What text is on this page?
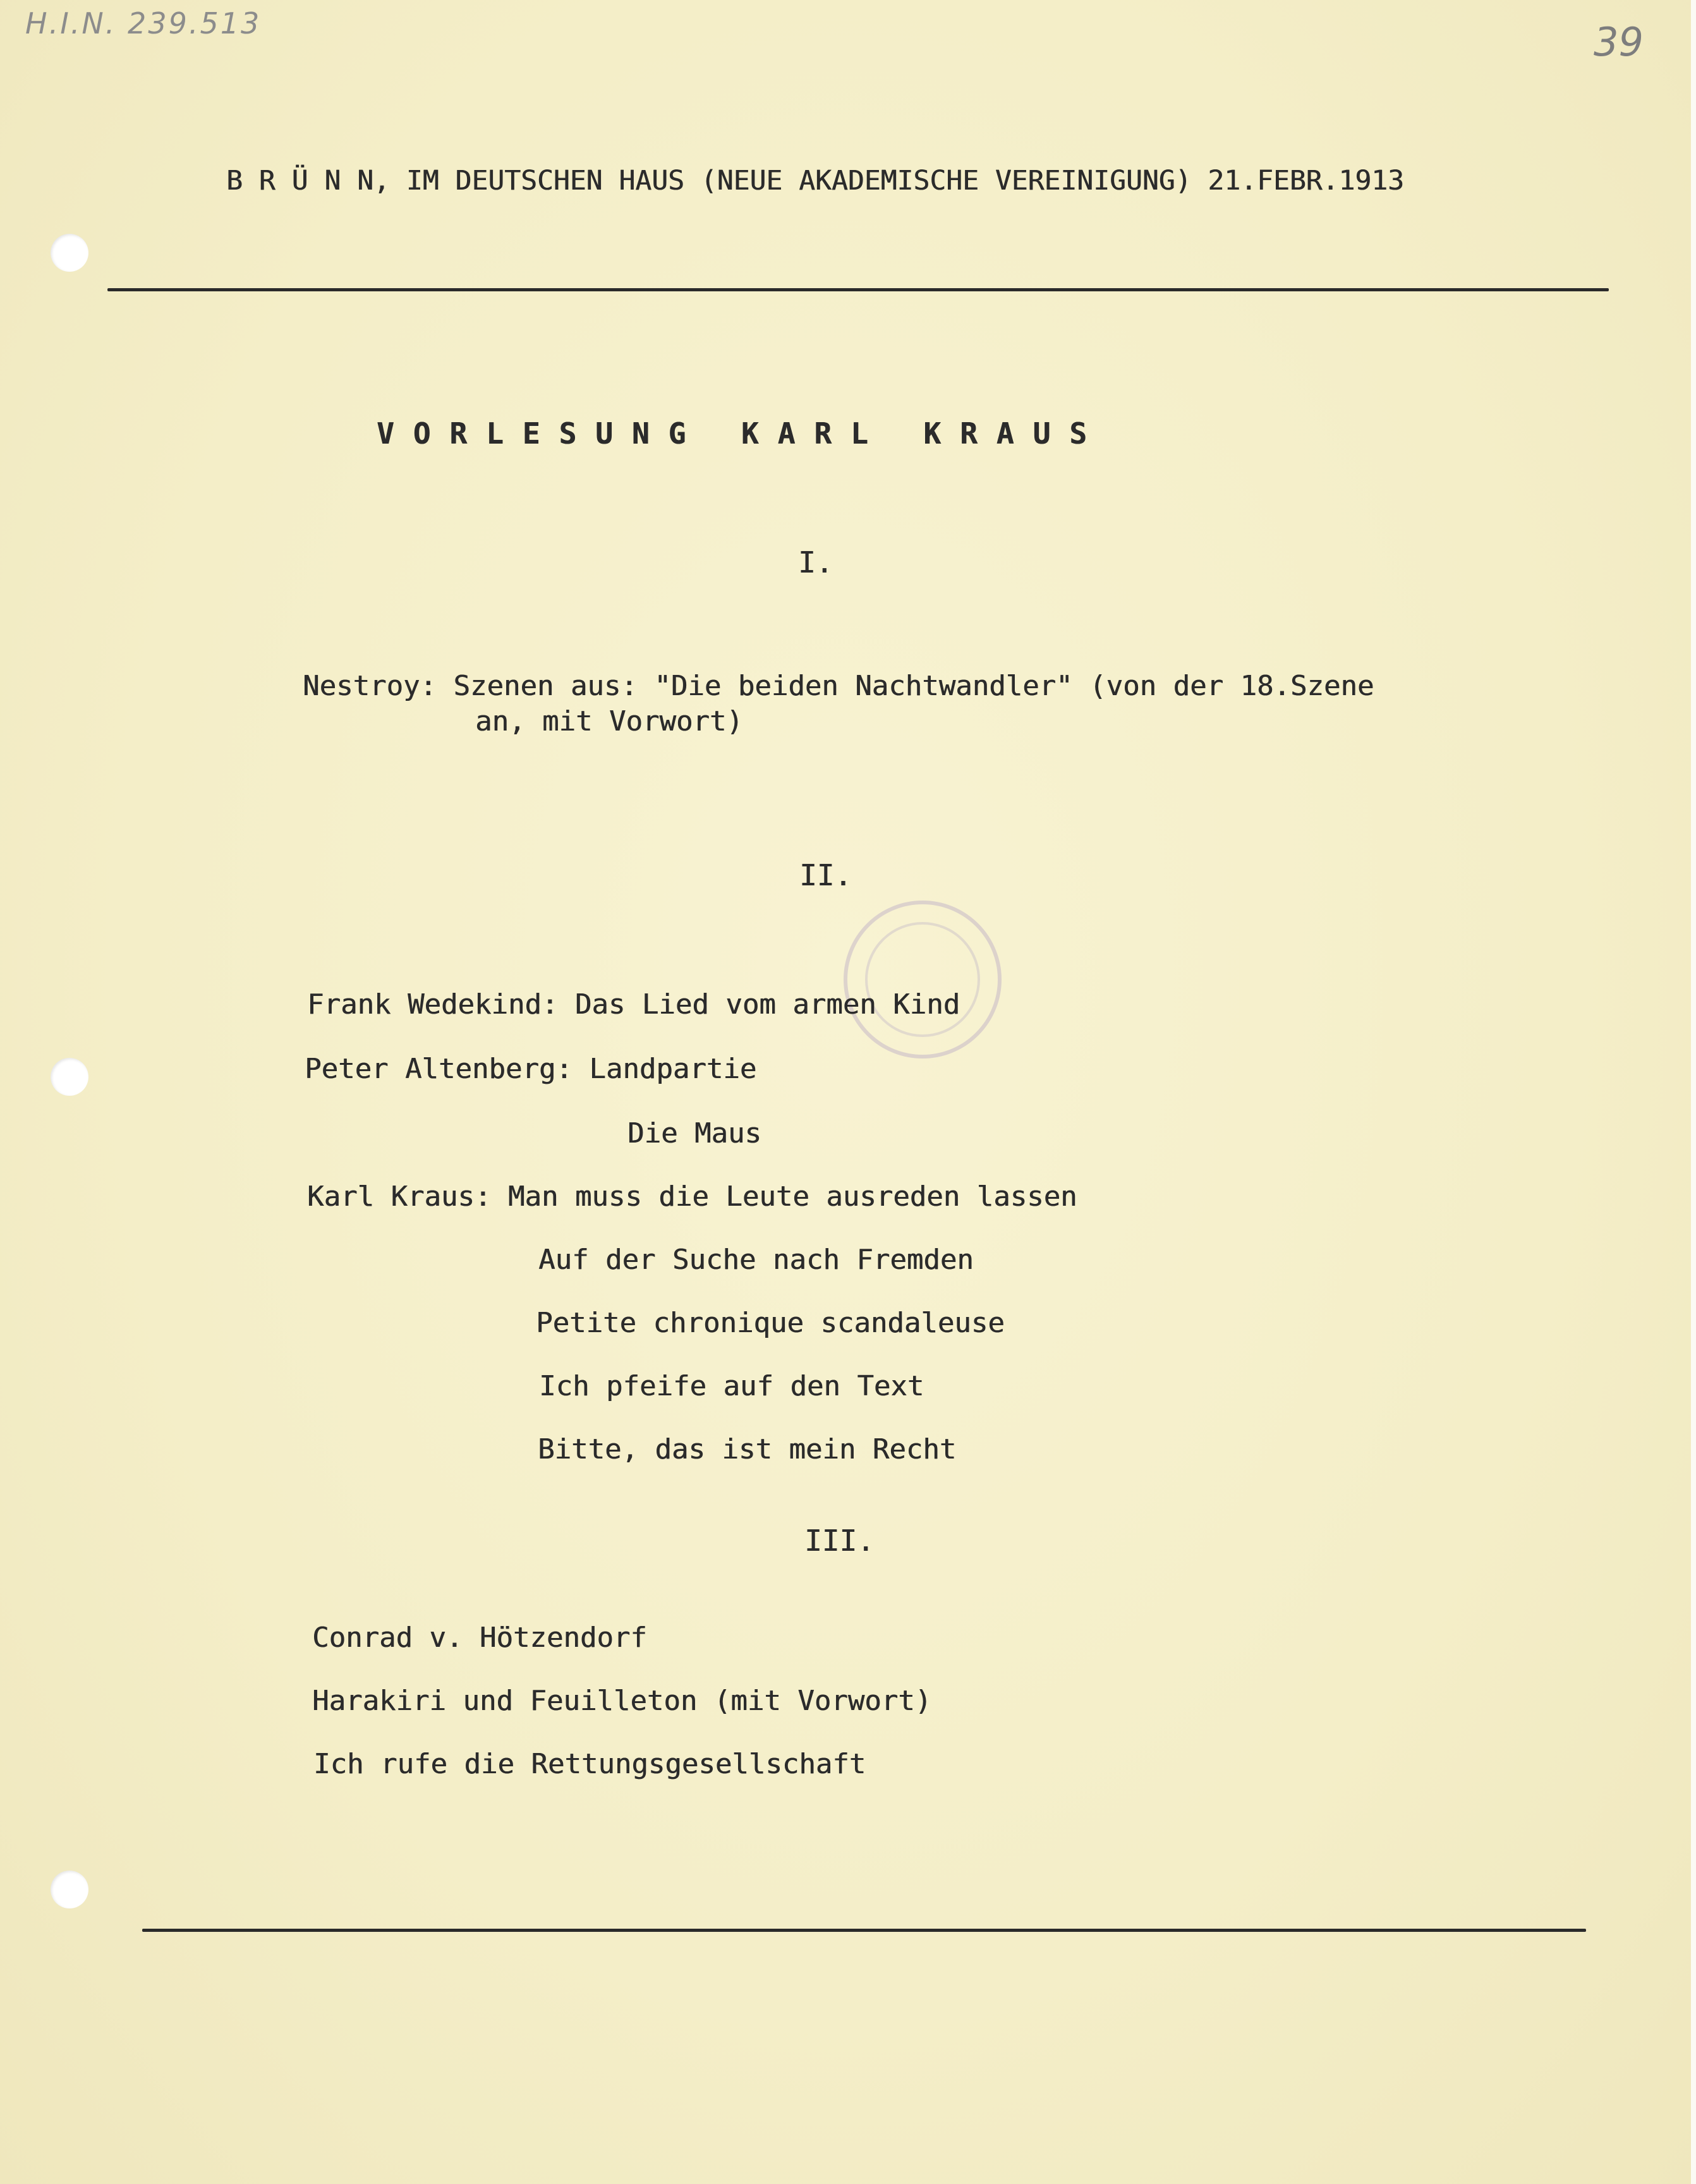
H.I.N. 239.513	39
B R Ü N N, IM DEUTSCHEN HAUS (NEUE AKADEMISCHE VEREINIGUNG) 21.FEBR.1913
VORLESUNG KARL KRAUS
I.
Nestroy: Szenen aus: "Die beiden Nachtwandler" (von der 18.Szene
an, mit Vorwort)
II.
Frank Wedekind: Das Lied vom armen Kind
Peter Altenberg: Landpartie
Die Maus
Karl Kraus: Man muss die Leute ausreden lassen
Auf der Suche nach Fremden
Petite chronique scandaleuse
Ich pfeife auf den Text
Bitte, das ist mein Recht
III.
Conrad v. Hötzendorf
Harakiri und Feuilleton (mit Vorwort)
Ich rufe die Rettungsgesellschaft
